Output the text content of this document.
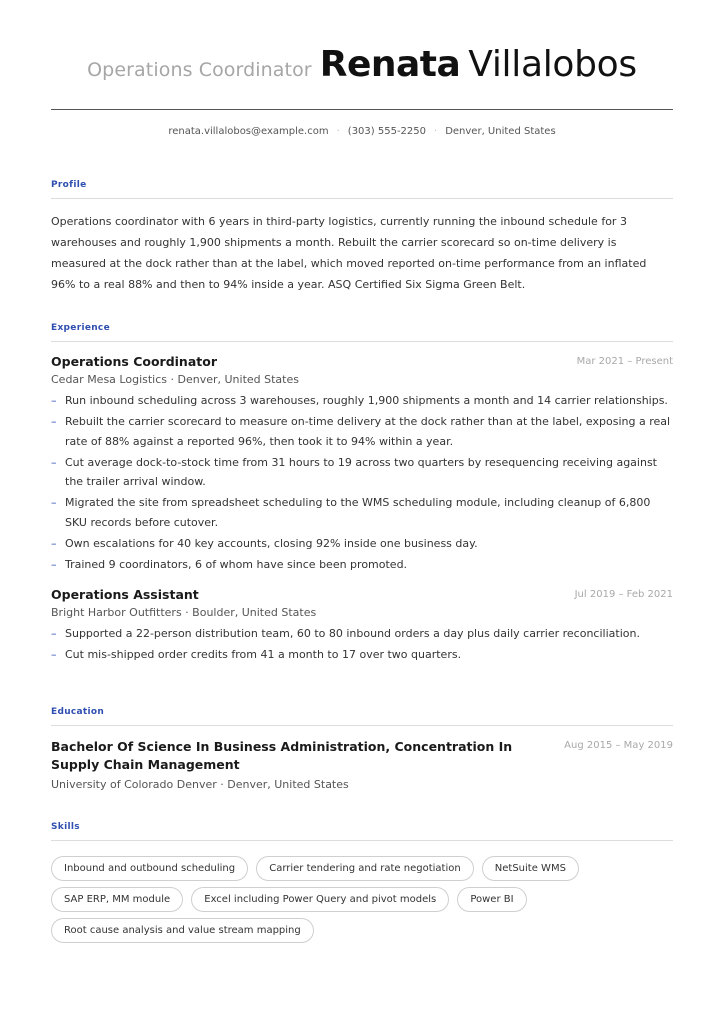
Operations Coordinator Renata Villalobos
renata.villalobos@example.com · (303) 555-2250 · Denver, United States
Profile
Operations coordinator with 6 years in third-party logistics, currently running the inbound schedule for 3 warehouses and roughly 1,900 shipments a month. Rebuilt the carrier scorecard so on-time delivery is measured at the dock rather than at the label, which moved reported on-time performance from an inflated 96% to a real 88% and then to 94% inside a year. ASQ Certified Six Sigma Green Belt.
Experience
Operations Coordinator	Mar 2021 – Present
Cedar Mesa Logistics · Denver, United States
– Run inbound scheduling across 3 warehouses, roughly 1,900 shipments a month and 14 carrier relationships.
– Rebuilt the carrier scorecard to measure on-time delivery at the dock rather than at the label, exposing a real rate of 88% against a reported 96%, then took it to 94% within a year.
– Cut average dock-to-stock time from 31 hours to 19 across two quarters by resequencing receiving against the trailer arrival window.
– Migrated the site from spreadsheet scheduling to the WMS scheduling module, including cleanup of 6,800 SKU records before cutover.
– Own escalations for 40 key accounts, closing 92% inside one business day.
– Trained 9 coordinators, 6 of whom have since been promoted.
Operations Assistant	Jul 2019 – Feb 2021
Bright Harbor Outfitters · Boulder, United States
– Supported a 22-person distribution team, 60 to 80 inbound orders a day plus daily carrier reconciliation.
– Cut mis-shipped order credits from 41 a month to 17 over two quarters.
Education
Bachelor Of Science In Business Administration, Concentration In Supply Chain Management
Aug 2015 – May 2019
University of Colorado Denver · Denver, United States
Skills
Inbound and outbound scheduling	Carrier tendering and rate negotiation	NetSuite WMS
SAP ERP, MM module	Excel including Power Query and pivot models	Power BI
Root cause analysis and value stream mapping
